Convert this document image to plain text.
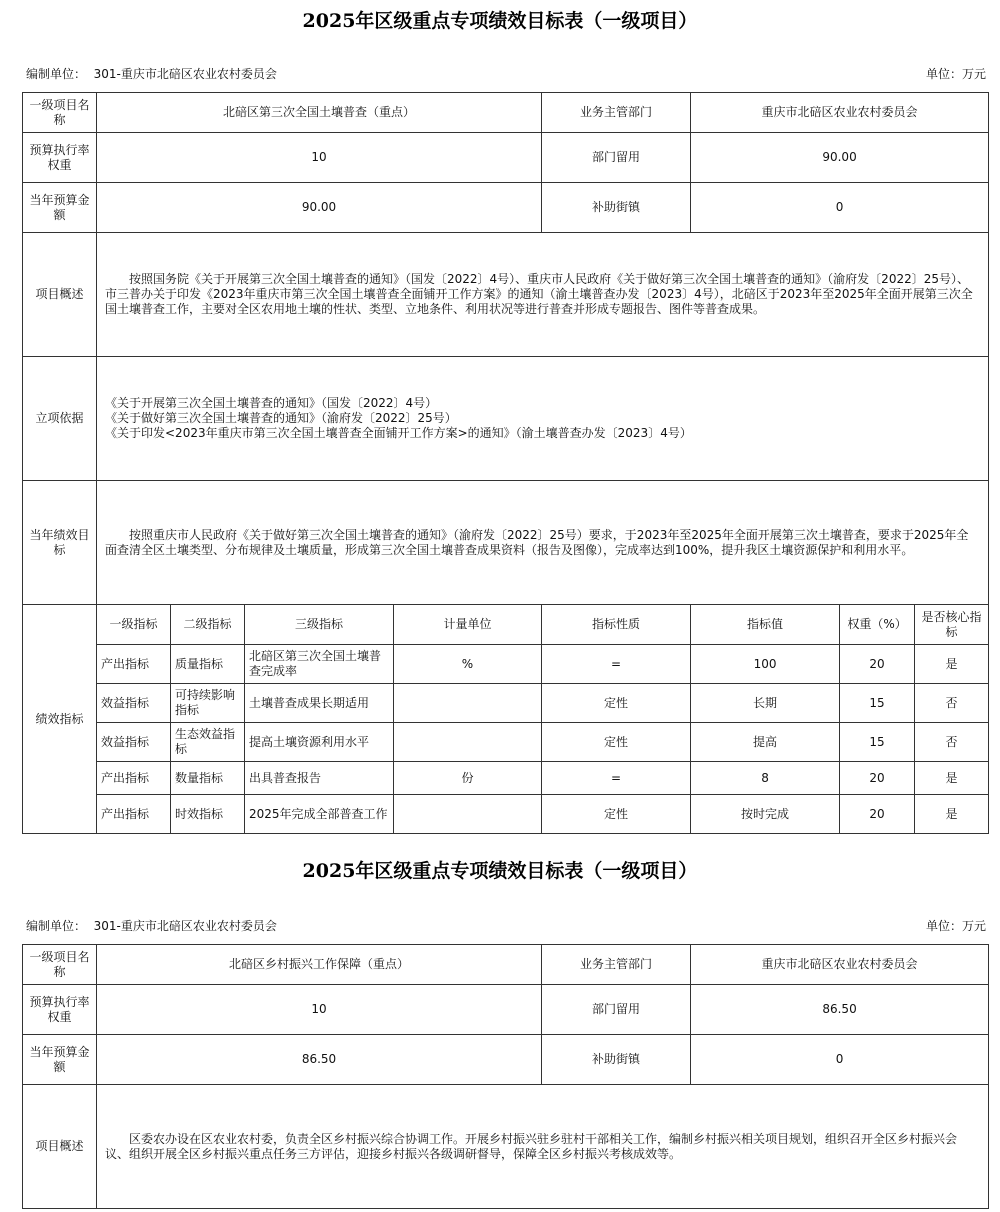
2025年区级重点专项绩效目标表（一级项目）
编制单位： 301-重庆市北碚区农业农村委员会	单位：万元
一级项目名称	北碚区第三次全国土壤普查（重点）				业务主管部门	重庆市北碚区农业农村委员会		
预算执行率权重	10				部门留用	90.00		
当年预算金额	90.00				补助街镇	0		
项目概述	按照国务院《关于开展第三次全国土壤普查的通知》（国发〔2022〕4号）、重庆市人民政府《关于做好第三次全国土壤普查的通知》（渝府发〔2022〕25号）、市三普办关于印发《2023年重庆市第三次全国土壤普查全面铺开工作方案》的通知（渝土壤普查办发〔2023〕4号），北碚区于2023年至2025年全面开展第三次全国土壤普查工作，主要对全区农用地土壤的性状、类型、立地条件、利用状况等进行普查并形成专题报告、图件等普查成果。							

立项依据	《关于开展第三次全国土壤普查的通知》（国发〔2022〕4号）

《关于做好第三次全国土壤普查的通知》（渝府发〔2022〕25号）

《关于印发<2023年重庆市第三次全国土壤普查全面铺开工作方案>的通知》（渝土壤普查办发〔2023〕4号）							

当年绩效目标	按照重庆市人民政府《关于做好第三次全国土壤普查的通知》（渝府发〔2022〕25号）要求，于2023年至2025年全面开展第三次土壤普查，要求于2025年全面查清全区土壤类型、分布规律及土壤质量，形成第三次全国土壤普查成果资料（报告及图像），完成率达到100%，提升我区土壤资源保护和利用水平。							

绩效指标	一级指标	二级指标	三级指标	计量单位	指标性质	指标值	权重（%）	是否核心指标
	产出指标	质量指标	北碚区第三次全国土壤普查完成率	%	=	100	20	是
	效益指标	可持续影响指标	土壤普查成果长期适用		定性	长期	15	否
	效益指标	生态效益指标	提高土壤资源利用水平		定性	提高	15	否
	产出指标	数量指标	出具普查报告	份	=	8	20	是
	产出指标	时效指标	2025年完成全部普查工作		定性	按时完成	20	是
2025年区级重点专项绩效目标表（一级项目）
编制单位： 301-重庆市北碚区农业农村委员会	单位：万元
一级项目名称	北碚区乡村振兴工作保障（重点）	业务主管部门	重庆市北碚区农业农村委员会
预算执行率权重	10	部门留用	86.50
当年预算金额	86.50	补助街镇	0
项目概述	区委农办设在区农业农村委，负责全区乡村振兴综合协调工作。开展乡村振兴驻乡驻村干部相关工作，编制乡村振兴相关项目规划，组织召开全区乡村振兴会议、组织开展全区乡村振兴重点任务三方评估，迎接乡村振兴各级调研督导，保障全区乡村振兴考核成效等。		
